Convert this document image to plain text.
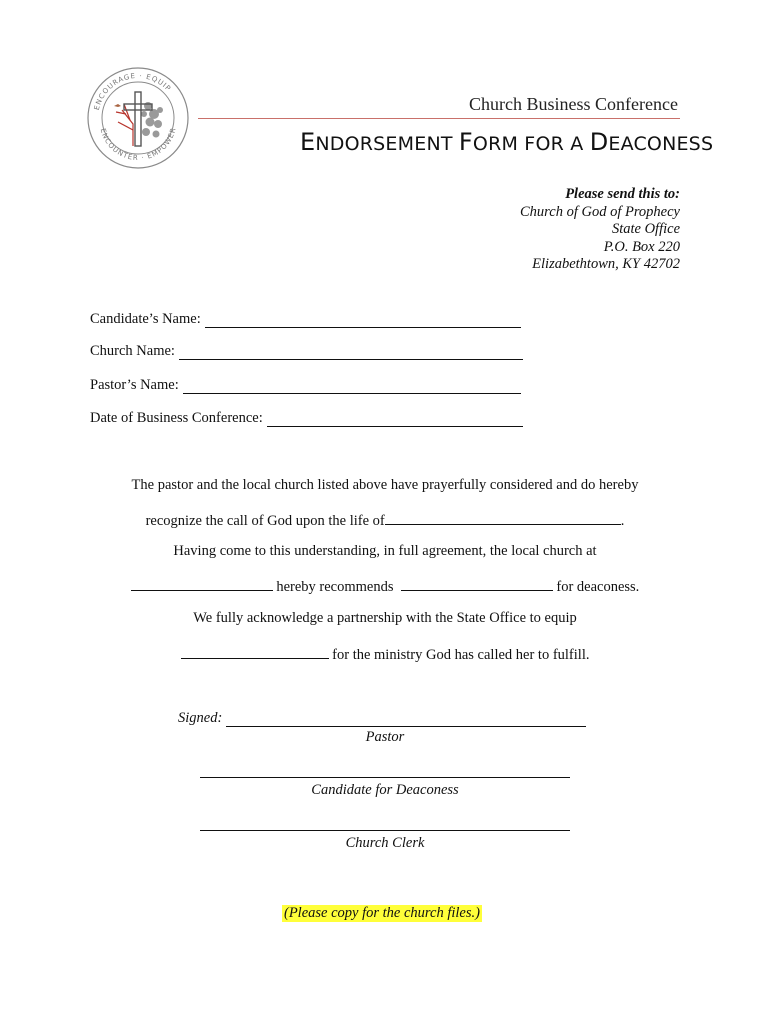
ENCOURAGE · EQUIP
ENCOUNTER · EMPOWER
Church Business Conference
ENDORSEMENT FORM FOR A DEACONESS
Please send this to:
Church of God of Prophecy
State Office
P.O. Box 220
Elizabethtown, KY 42702
Candidate’s Name:
Church Name:
Pastor’s Name:
Date of Business Conference:
The pastor and the local church listed above have prayerfully considered and do hereby
recognize the call of God upon the life of	.
Having come to this understanding, in full agreement, the local church at
hereby recommends	for deaconess.
We fully acknowledge a partnership with the State Office to equip
for the ministry God has called her to fulfill.
Signed:
Pastor
Candidate for Deaconess
Church Clerk
(Please copy for the church files.)
